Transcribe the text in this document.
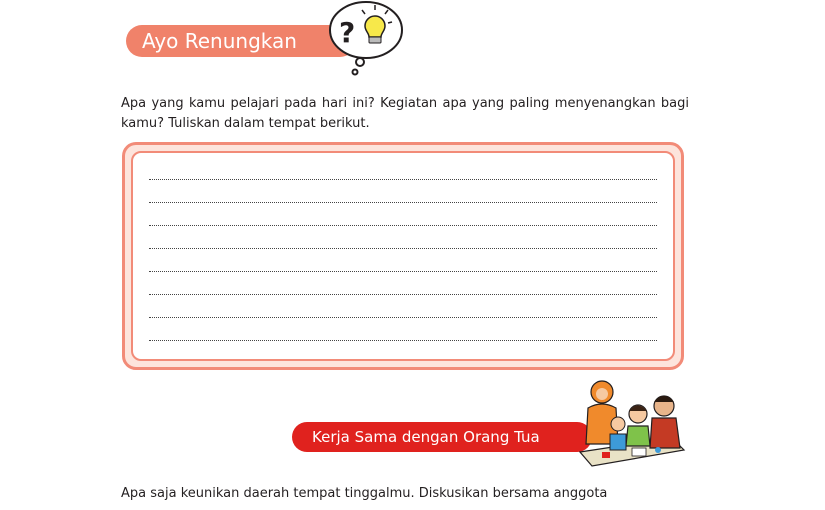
Ayo Renungkan ?

Apa yang kamu pelajari pada hari ini? Kegiatan apa yang paling menyenangkan bagi kamu? Tuliskan dalam tempat berikut.

Kerja Sama dengan Orang Tua

Apa saja keunikan daerah tempat tinggalmu. Diskusikan bersama anggota
